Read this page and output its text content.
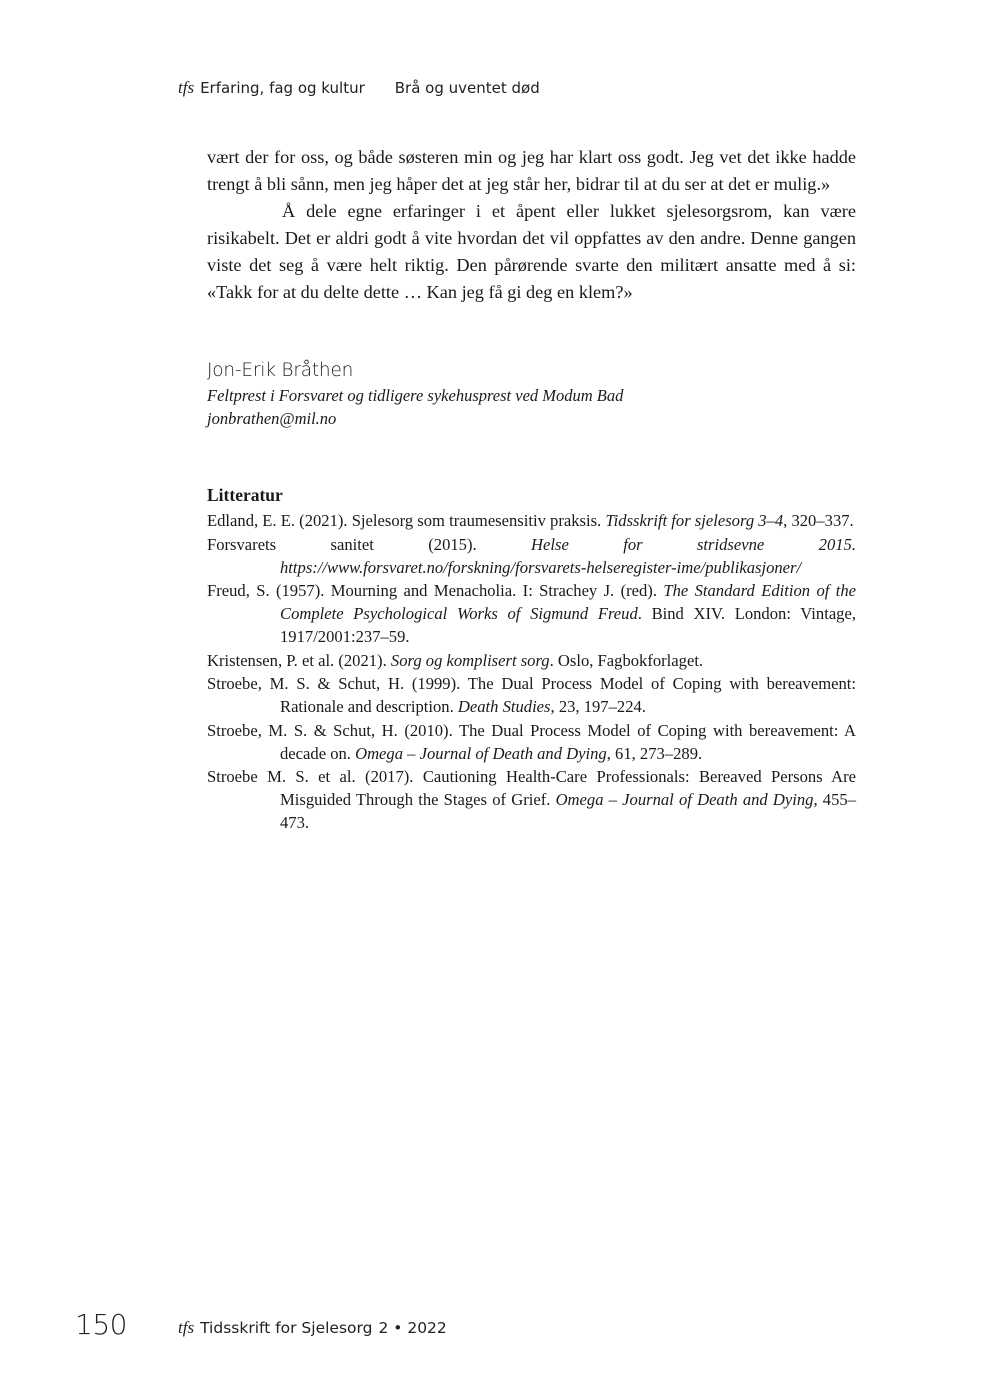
tfs Erfaring, fag og kultur Brå og uventet død

vært der for oss, og både søsteren min og jeg har klart oss godt. Jeg vet det ikke hadde trengt å bli sånn, men jeg håper det at jeg står her, bidrar til at du ser at det er mulig.»

Å dele egne erfaringer i et åpent eller lukket sjelesorgsrom, kan være risikabelt. Det er aldri godt å vite hvordan det vil oppfattes av den andre. Denne gangen viste det seg å være helt riktig. Den pårørende svarte den militært ansatte med å si: «Takk for at du delte dette … Kan jeg få gi deg en klem?»

Jon-Erik Bråthen
Feltprest i Forsvaret og tidligere sykehusprest ved Modum Bad
jonbrathen@mil.no
Litteratur
Edland, E. E. (2021). Sjelesorg som traumesensitiv praksis. Tidsskrift for sjelesorg 3–4, 320–337.
Forsvarets sanitet (2015). Helse for stridsevne 2015. https://www.forsvaret.no/forskning/forsvarets-helseregister-ime/publikasjoner/
Freud, S. (1957). Mourning and Menacholia. I: Strachey J. (red). The Standard Edition of the Complete Psychological Works of Sigmund Freud. Bind XIV. London: Vintage, 1917/2001:237–59.
Kristensen, P. et al. (2021). Sorg og komplisert sorg. Oslo, Fagbokforlaget.
Stroebe, M. S. & Schut, H. (1999). The Dual Process Model of Coping with bereavement: Rationale and description. Death Studies, 23, 197–224.
Stroebe, M. S. & Schut, H. (2010). The Dual Process Model of Coping with bereavement: A decade on. Omega – Journal of Death and Dying, 61, 273–289.
Stroebe M. S. et al. (2017). Cautioning Health-Care Professionals: Bereaved Persons Are Misguided Through the Stages of Grief. Omega – Journal of Death and Dying, 455–473.
150	tfs Tidsskrift for Sjelesorg 2 • 2022
